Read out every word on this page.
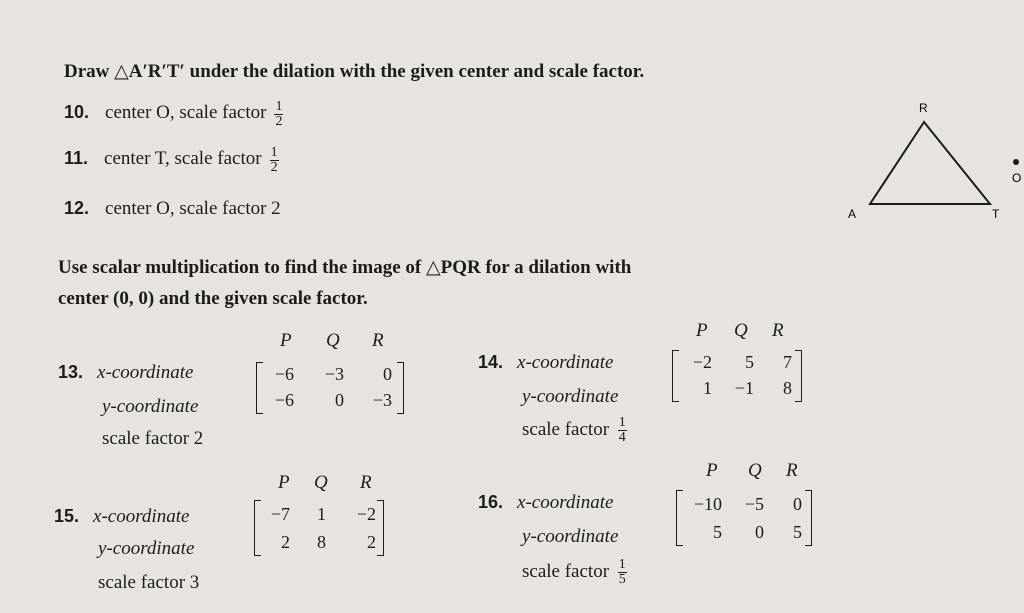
Draw △A′R′T′ under the dilation with the given center and scale factor.
10. center O, scale factor $\frac{1}{2}$
11. center T, scale factor $\frac{1}{2}$
12. center O, scale factor 2
R
A	T
O
Use scalar multiplication to find the image of △PQR for a dilation with
center (0, 0) and the given scale factor.
13. x-coordinate
y-coordinate
scale factor 2
P Q R
−6	−3	0
−6	0	−3
14. x-coordinate
y-coordinate
scale factor $\frac{1}{4}$
P Q R
−2	5	7
1	−1	8
15. x-coordinate
y-coordinate
scale factor 3
P Q R
−7	1	−2
2	8	2
16. x-coordinate
y-coordinate
scale factor $\frac{1}{5}$
P Q R
−10	−5	0
5	0	5
